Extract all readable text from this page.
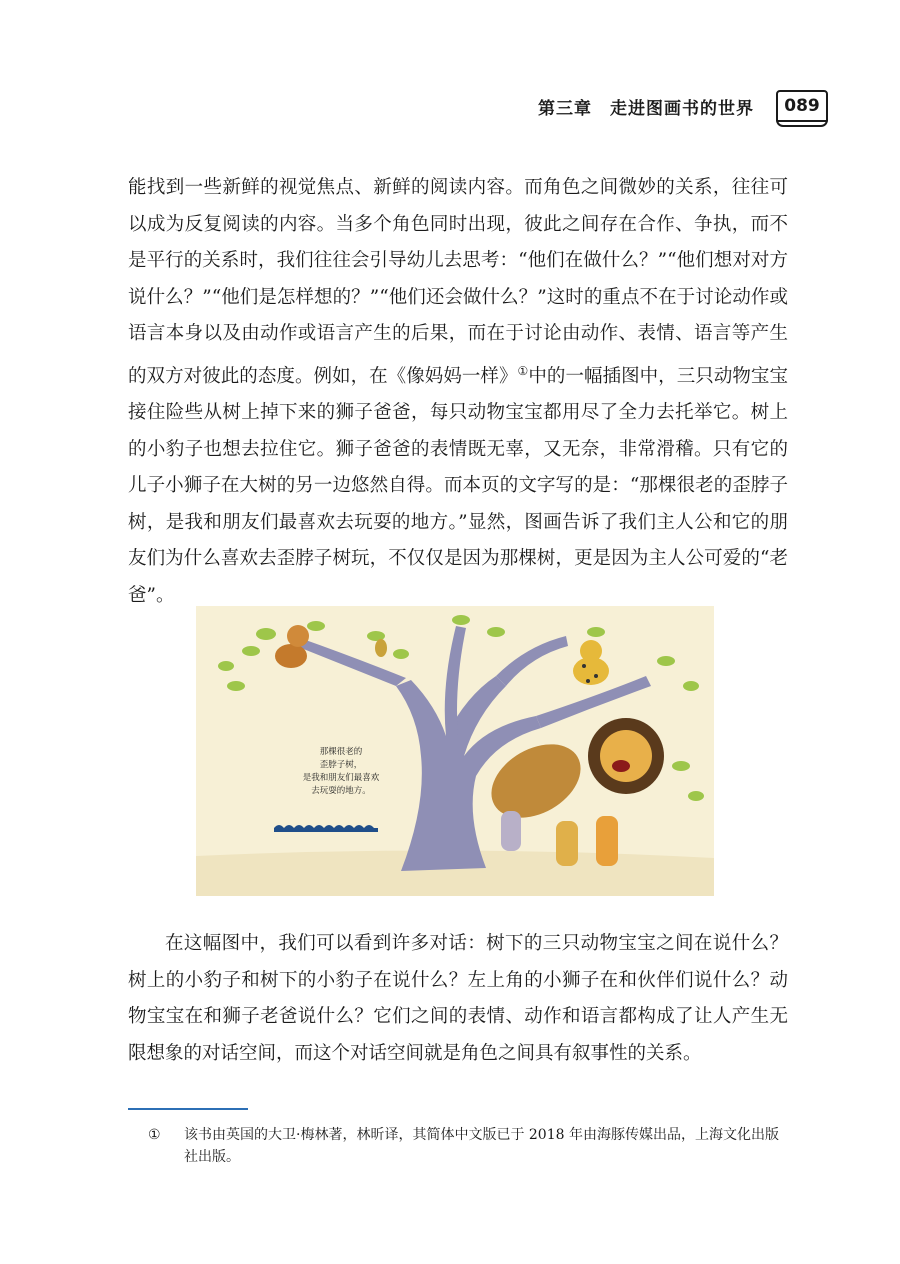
第三章　走进图画书的世界 089

能找到一些新鲜的视觉焦点、新鲜的阅读内容。而角色之间微妙的关系，往往可以成为反复阅读的内容。当多个角色同时出现，彼此之间存在合作、争执，而不是平行的关系时，我们往往会引导幼儿去思考：“他们在做什么？”“他们想对对方说什么？”“他们是怎样想的？”“他们还会做什么？”这时的重点不在于讨论动作或语言本身以及由动作或语言产生的后果，而在于讨论由动作、表情、语言等产生的双方对彼此的态度。例如，在《像妈妈一样》①中的一幅插图中，三只动物宝宝接住险些从树上掉下来的狮子爸爸，每只动物宝宝都用尽了全力去托举它。树上的小豹子也想去拉住它。狮子爸爸的表情既无辜，又无奈，非常滑稽。只有它的儿子小狮子在大树的另一边悠然自得。而本页的文字写的是：“那棵很老的歪脖子树，是我和朋友们最喜欢去玩耍的地方。”显然，图画告诉了我们主人公和它的朋友们为什么喜欢去歪脖子树玩，不仅仅是因为那棵树，更是因为主人公可爱的“老爸”。

那棵很老的
歪脖子树，
是我和朋友们最喜欢
去玩耍的地方。

在这幅图中，我们可以看到许多对话：树下的三只动物宝宝之间在说什么？树上的小豹子和树下的小豹子在说什么？左上角的小狮子在和伙伴们说什么？动物宝宝在和狮子老爸说什么？它们之间的表情、动作和语言都构成了让人产生无限想象的对话空间，而这个对话空间就是角色之间具有叙事性的关系。

①	该书由英国的大卫·梅林著，林昕译，其简体中文版已于 2018 年由海豚传媒出品，上海文化出版社出版。
